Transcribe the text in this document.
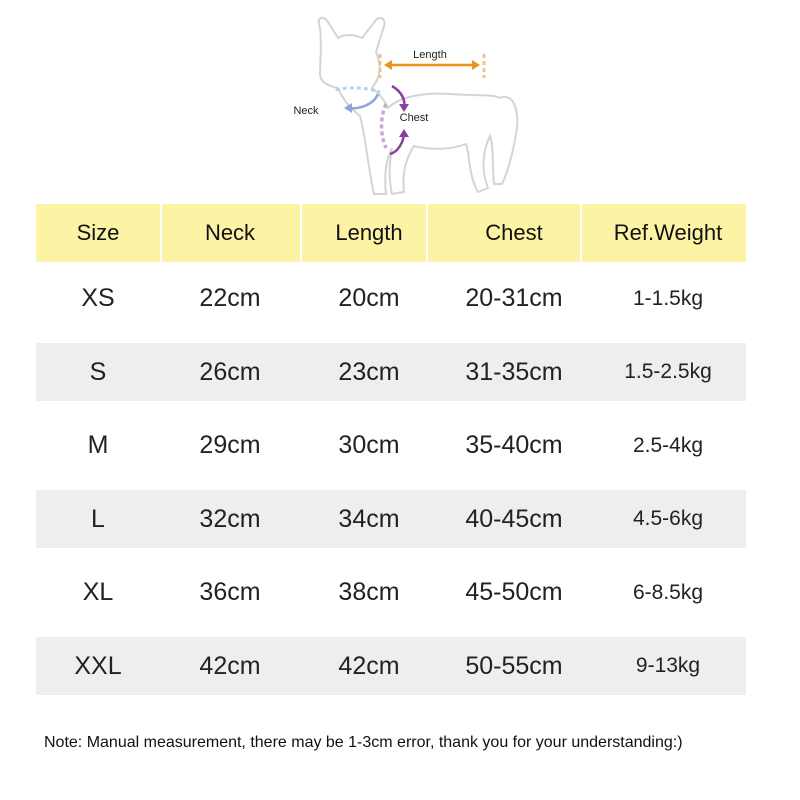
Length
Neck
Chest
Size	Neck	Length	Chest	Ref.Weight
XS	22cm	20cm	20-31cm	1-1.5kg
S	26cm	23cm	31-35cm	1.5-2.5kg
M	29cm	30cm	35-40cm	2.5-4kg
L	32cm	34cm	40-45cm	4.5-6kg
XL	36cm	38cm	45-50cm	6-8.5kg
XXL	42cm	42cm	50-55cm	9-13kg
Note: Manual measurement, there may be 1-3cm error, thank you for your understanding:)
